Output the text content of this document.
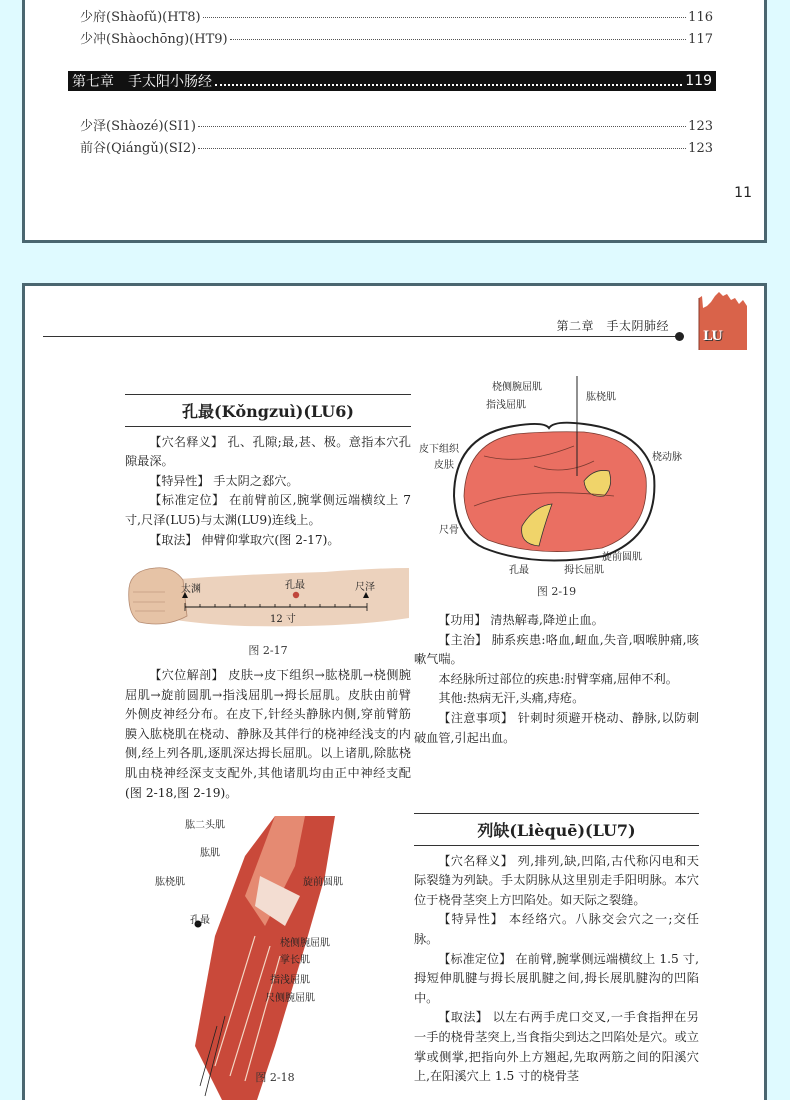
少府(Shàofǔ)(HT8)	116
少冲(Shàochōng)(HT9)	117
第七章　手太阳小肠经	119
少泽(Shàozé)(SI1)	123
前谷(Qiángǔ)(SI2)	123
11
第二章　手太阴肺经
LU
孔最(Kǒngzuì)(LU6)

【穴名释义】 孔、孔隙;最,甚、极。意指本穴孔隙最深。

【特异性】 手太阴之郄穴。

【标准定位】 在前臂前区,腕掌侧远端横纹上 7 寸,尺泽(LU5)与太渊(LU9)连线上。

【取法】 伸臂仰掌取穴(图 2-17)。

太渊	孔最	尺泽
12 寸
图 2-17

【穴位解剖】 皮肤→皮下组织→肱桡肌→桡侧腕屈肌→旋前圆肌→指浅屈肌→拇长屈肌。皮肤由前臂外侧皮神经分布。在皮下,针经头静脉内侧,穿前臂筋膜入肱桡肌在桡动、静脉及其伴行的桡神经浅支的内侧,经上列各肌,逐肌深达拇长屈肌。以上诸肌,除肱桡肌由桡神经深支支配外,其他诸肌均由正中神经支配(图 2-18,图 2-19)。

肱二头肌
肱肌
肱桡肌	旋前圆肌
孔最
桡侧腕屈肌
掌长肌
指浅屈肌
尺侧腕屈肌
桡侧腕屈肌
指浅屈肌
肱桡肌
皮下组织
皮肤
桡动脉
尺骨
旋前圆肌
孔最	拇长屈肌
图 2-19

【功用】 清热解毒,降逆止血。

【主治】 肺系疾患:咯血,衄血,失音,咽喉肿痛,咳嗽气喘。

本经脉所过部位的疾患:肘臂挛痛,屈伸不利。

其他:热病无汗,头痛,痔疮。

【注意事项】 针刺时须避开桡动、静脉,以防刺破血管,引起出血。

列缺(Lièquē)(LU7)

【穴名释义】 列,排列,缺,凹陷,古代称闪电和天际裂缝为列缺。手太阴脉从这里别走手阳明脉。本穴位于桡骨茎突上方凹陷处。如天际之裂缝。

【特异性】 本经络穴。八脉交会穴之一;交任脉。

【标准定位】 在前臂,腕掌侧远端横纹上 1.5 寸,拇短伸肌腱与拇长展肌腱之间,拇长展肌腱沟的凹陷中。

【取法】 以左右两手虎口交叉,一手食指押在另一手的桡骨茎突上,当食指尖到达之凹陷处是穴。或立掌或侧掌,把指向外上方翘起,先取两筋之间的阳溪穴上,在阳溪穴上 1.5 寸的桡骨茎

图 2-18
